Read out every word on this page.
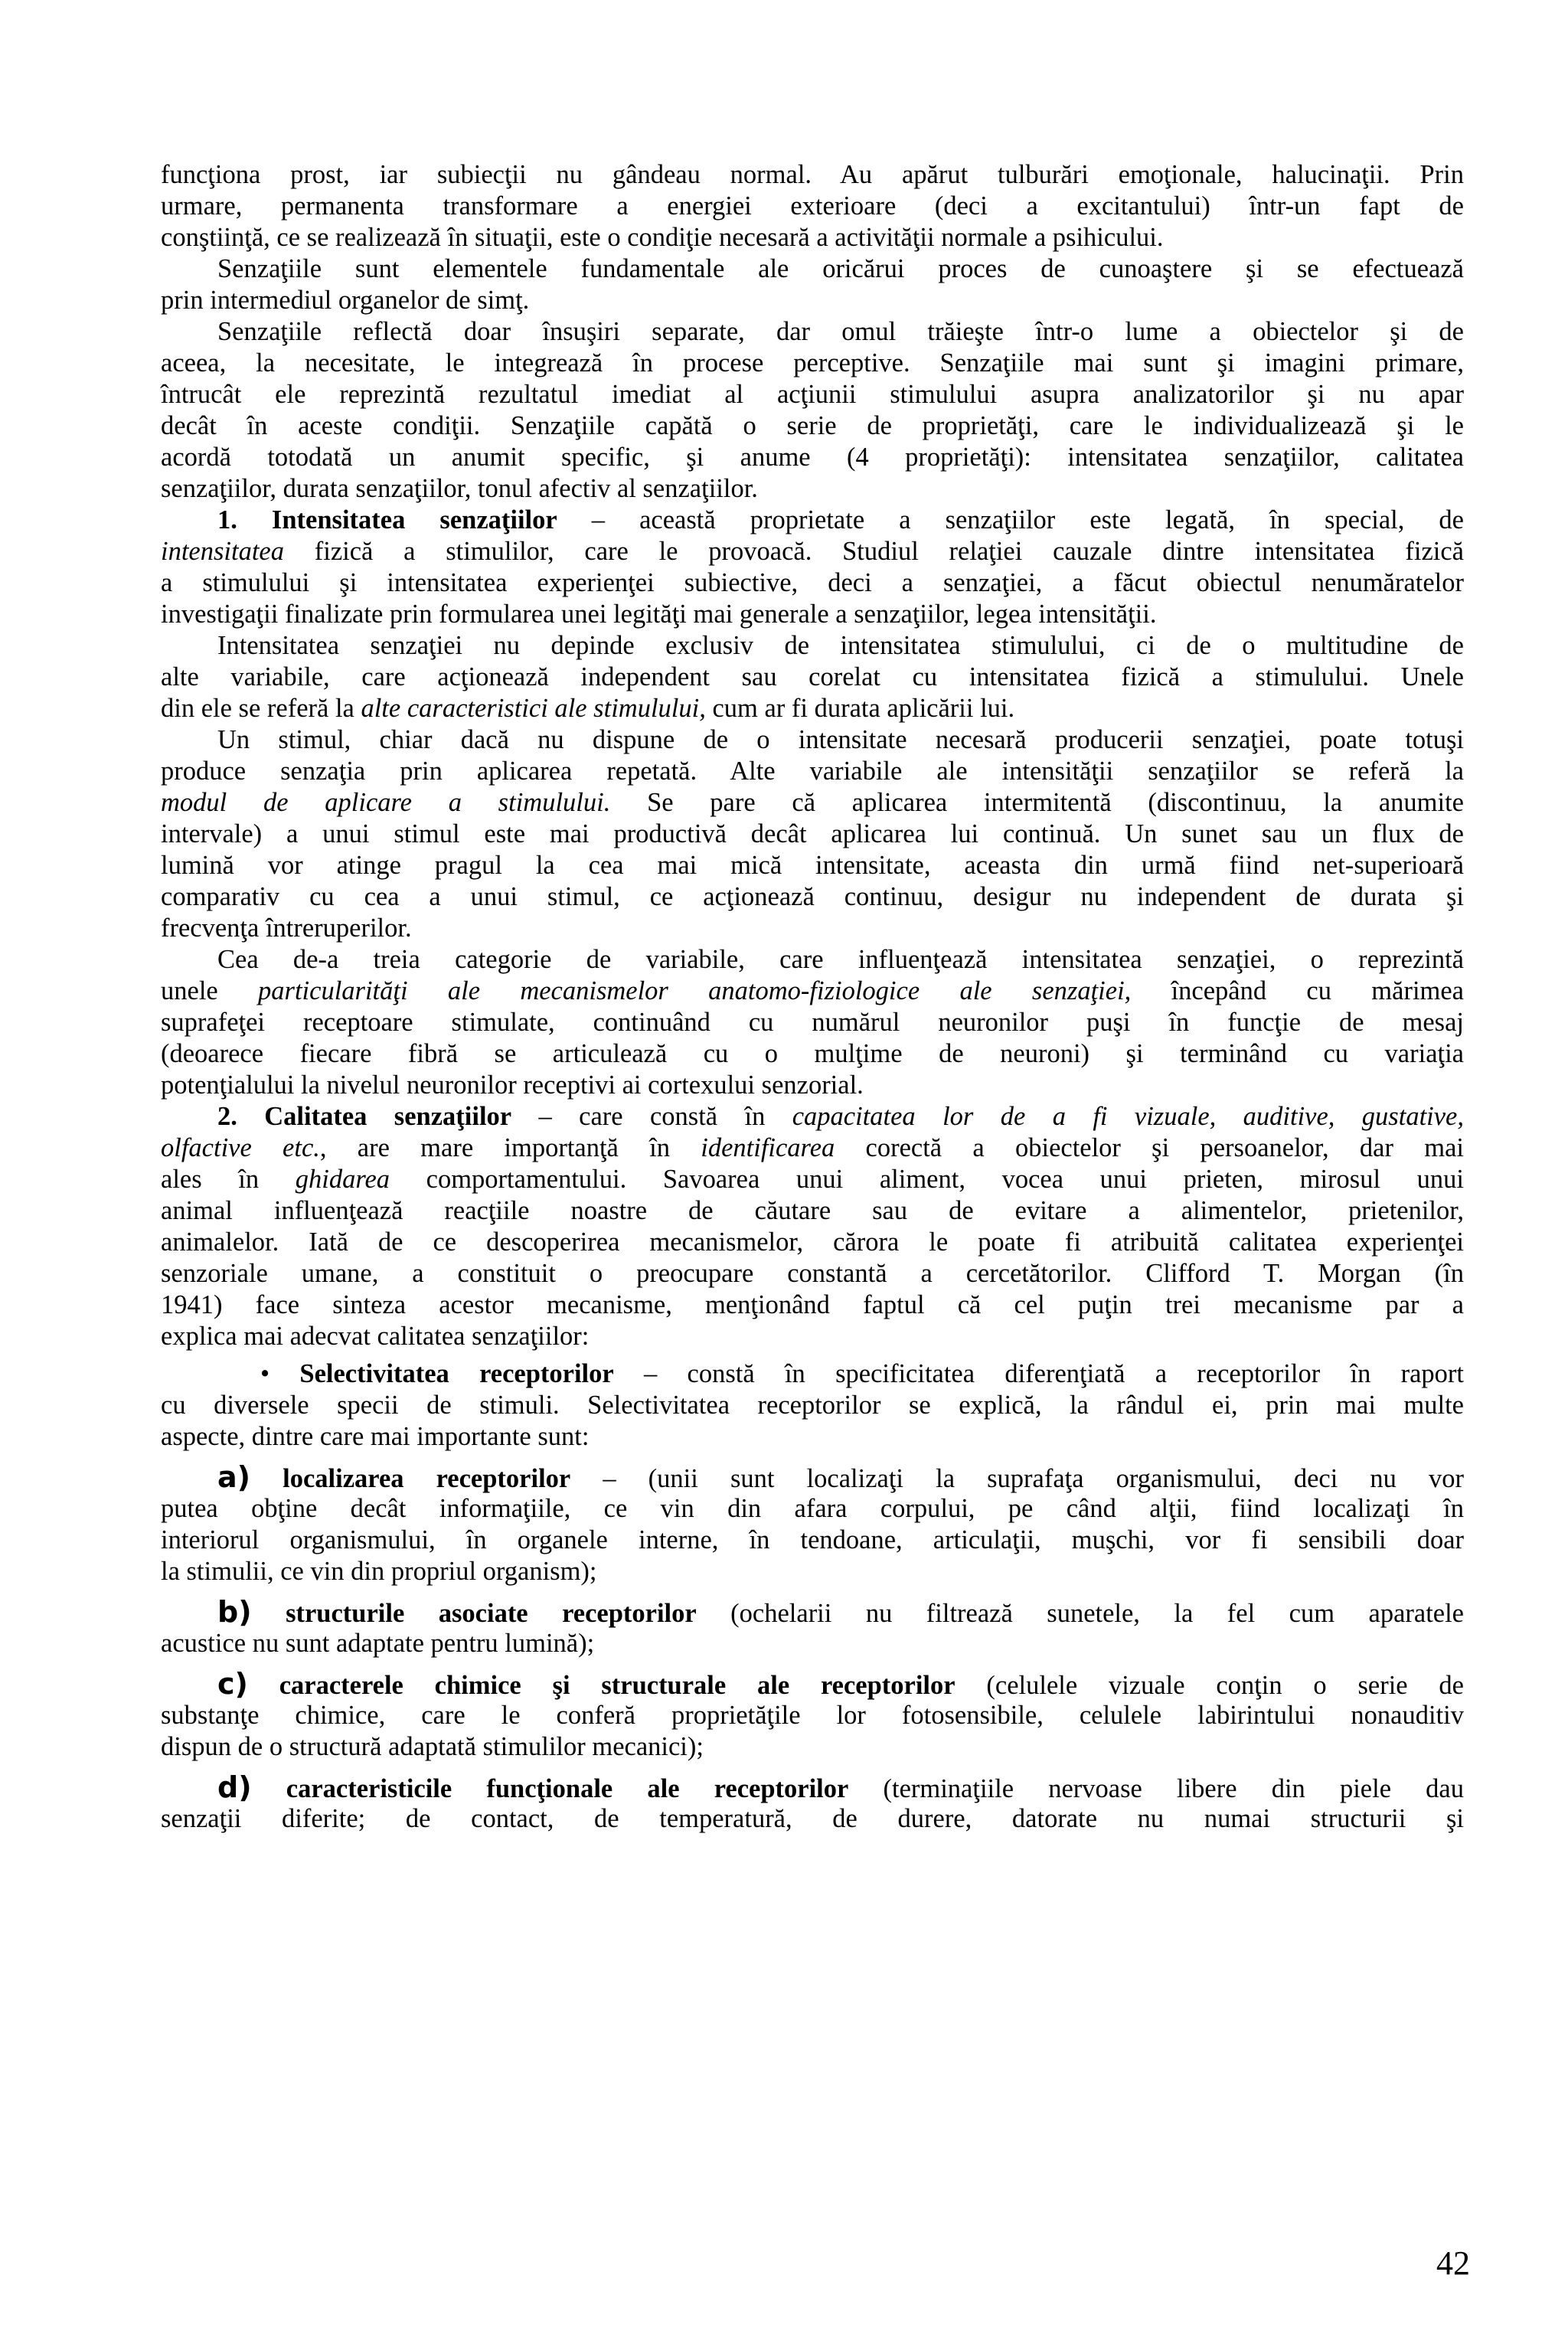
funcţiona prost, iar subiecţii nu gândeau normal. Au apărut tulburări emoţionale, halucinaţii. Prin
urmare, permanenta transformare a energiei exterioare (deci a excitantului) într-un fapt de
conştiinţă, ce se realizează în situaţii, este o condiţie necesară a activităţii normale a psihicului.
Senzaţiile sunt elementele fundamentale ale oricărui proces de cunoaştere şi se efectuează
prin intermediul organelor de simţ.
Senzaţiile reflectă doar însuşiri separate, dar omul trăieşte într-o lume a obiectelor şi de
aceea, la necesitate, le integrează în procese perceptive. Senzaţiile mai sunt şi imagini primare,
întrucât ele reprezintă rezultatul imediat al acţiunii stimulului asupra analizatorilor şi nu apar
decât în aceste condiţii. Senzaţiile capătă o serie de proprietăţi, care le individualizează şi le
acordă totodată un anumit specific, şi anume (4 proprietăţi): intensitatea senzaţiilor, calitatea
senzaţiilor, durata senzaţiilor, tonul afectiv al senzaţiilor.
1. Intensitatea senzaţiilor – această proprietate a senzaţiilor este legată, în special, de
intensitatea fizică a stimulilor, care le provoacă. Studiul relaţiei cauzale dintre intensitatea fizică
a stimulului şi intensitatea experienţei subiective, deci a senzaţiei, a făcut obiectul nenumăratelor
investigaţii finalizate prin formularea unei legităţi mai generale a senzaţiilor, legea intensităţii.
Intensitatea senzaţiei nu depinde exclusiv de intensitatea stimulului, ci de o multitudine de
alte variabile, care acţionează independent sau corelat cu intensitatea fizică a stimulului. Unele
din ele se referă la alte caracteristici ale stimulului, cum ar fi durata aplicării lui.
Un stimul, chiar dacă nu dispune de o intensitate necesară producerii senzaţiei, poate totuşi
produce senzaţia prin aplicarea repetată. Alte variabile ale intensităţii senzaţiilor se referă la
modul de aplicare a stimulului. Se pare că aplicarea intermitentă (discontinuu, la anumite
intervale) a unui stimul este mai productivă decât aplicarea lui continuă. Un sunet sau un flux de
lumină vor atinge pragul la cea mai mică intensitate, aceasta din urmă fiind net-superioară
comparativ cu cea a unui stimul, ce acţionează continuu, desigur nu independent de durata şi
frecvenţa întreruperilor.
Cea de-a treia categorie de variabile, care influenţează intensitatea senzaţiei, o reprezintă
unele particularităţi ale mecanismelor anatomo-fiziologice ale senzaţiei, începând cu mărimea
suprafeţei receptoare stimulate, continuând cu numărul neuronilor puşi în funcţie de mesaj
(deoarece fiecare fibră se articulează cu o mulţime de neuroni) şi terminând cu variaţia
potenţialului la nivelul neuronilor receptivi ai cortexului senzorial.
2. Calitatea senzaţiilor – care constă în capacitatea lor de a fi vizuale, auditive, gustative,
olfactive etc., are mare importanţă în identificarea corectă a obiectelor şi persoanelor, dar mai
ales în ghidarea comportamentului. Savoarea unui aliment, vocea unui prieten, mirosul unui
animal influenţează reacţiile noastre de căutare sau de evitare a alimentelor, prietenilor,
animalelor. Iată de ce descoperirea mecanismelor, cărora le poate fi atribuită calitatea experienţei
senzoriale umane, a constituit o preocupare constantă a cercetătorilor. Clifford T. Morgan (în
1941) face sinteza acestor mecanisme, menţionând faptul că cel puţin trei mecanisme par a
explica mai adecvat calitatea senzaţiilor:
• Selectivitatea receptorilor – constă în specificitatea diferenţiată a receptorilor în raport
cu diversele specii de stimuli. Selectivitatea receptorilor se explică, la rândul ei, prin mai multe
aspecte, dintre care mai importante sunt:
a) localizarea receptorilor – (unii sunt localizaţi la suprafaţa organismului, deci nu vor
putea obţine decât informaţiile, ce vin din afara corpului, pe când alţii, fiind localizaţi în
interiorul organismului, în organele interne, în tendoane, articulaţii, muşchi, vor fi sensibili doar
la stimulii, ce vin din propriul organism);
b) structurile asociate receptorilor (ochelarii nu filtrează sunetele, la fel cum aparatele
acustice nu sunt adaptate pentru lumină);
c) caracterele chimice şi structurale ale receptorilor (celulele vizuale conţin o serie de
substanţe chimice, care le conferă proprietăţile lor fotosensibile, celulele labirintului nonauditiv
dispun de o structură adaptată stimulilor mecanici);
d) caracteristicile funcţionale ale receptorilor (terminaţiile nervoase libere din piele dau
senzaţii diferite; de contact, de temperatură, de durere, datorate nu numai structurii şi
42
